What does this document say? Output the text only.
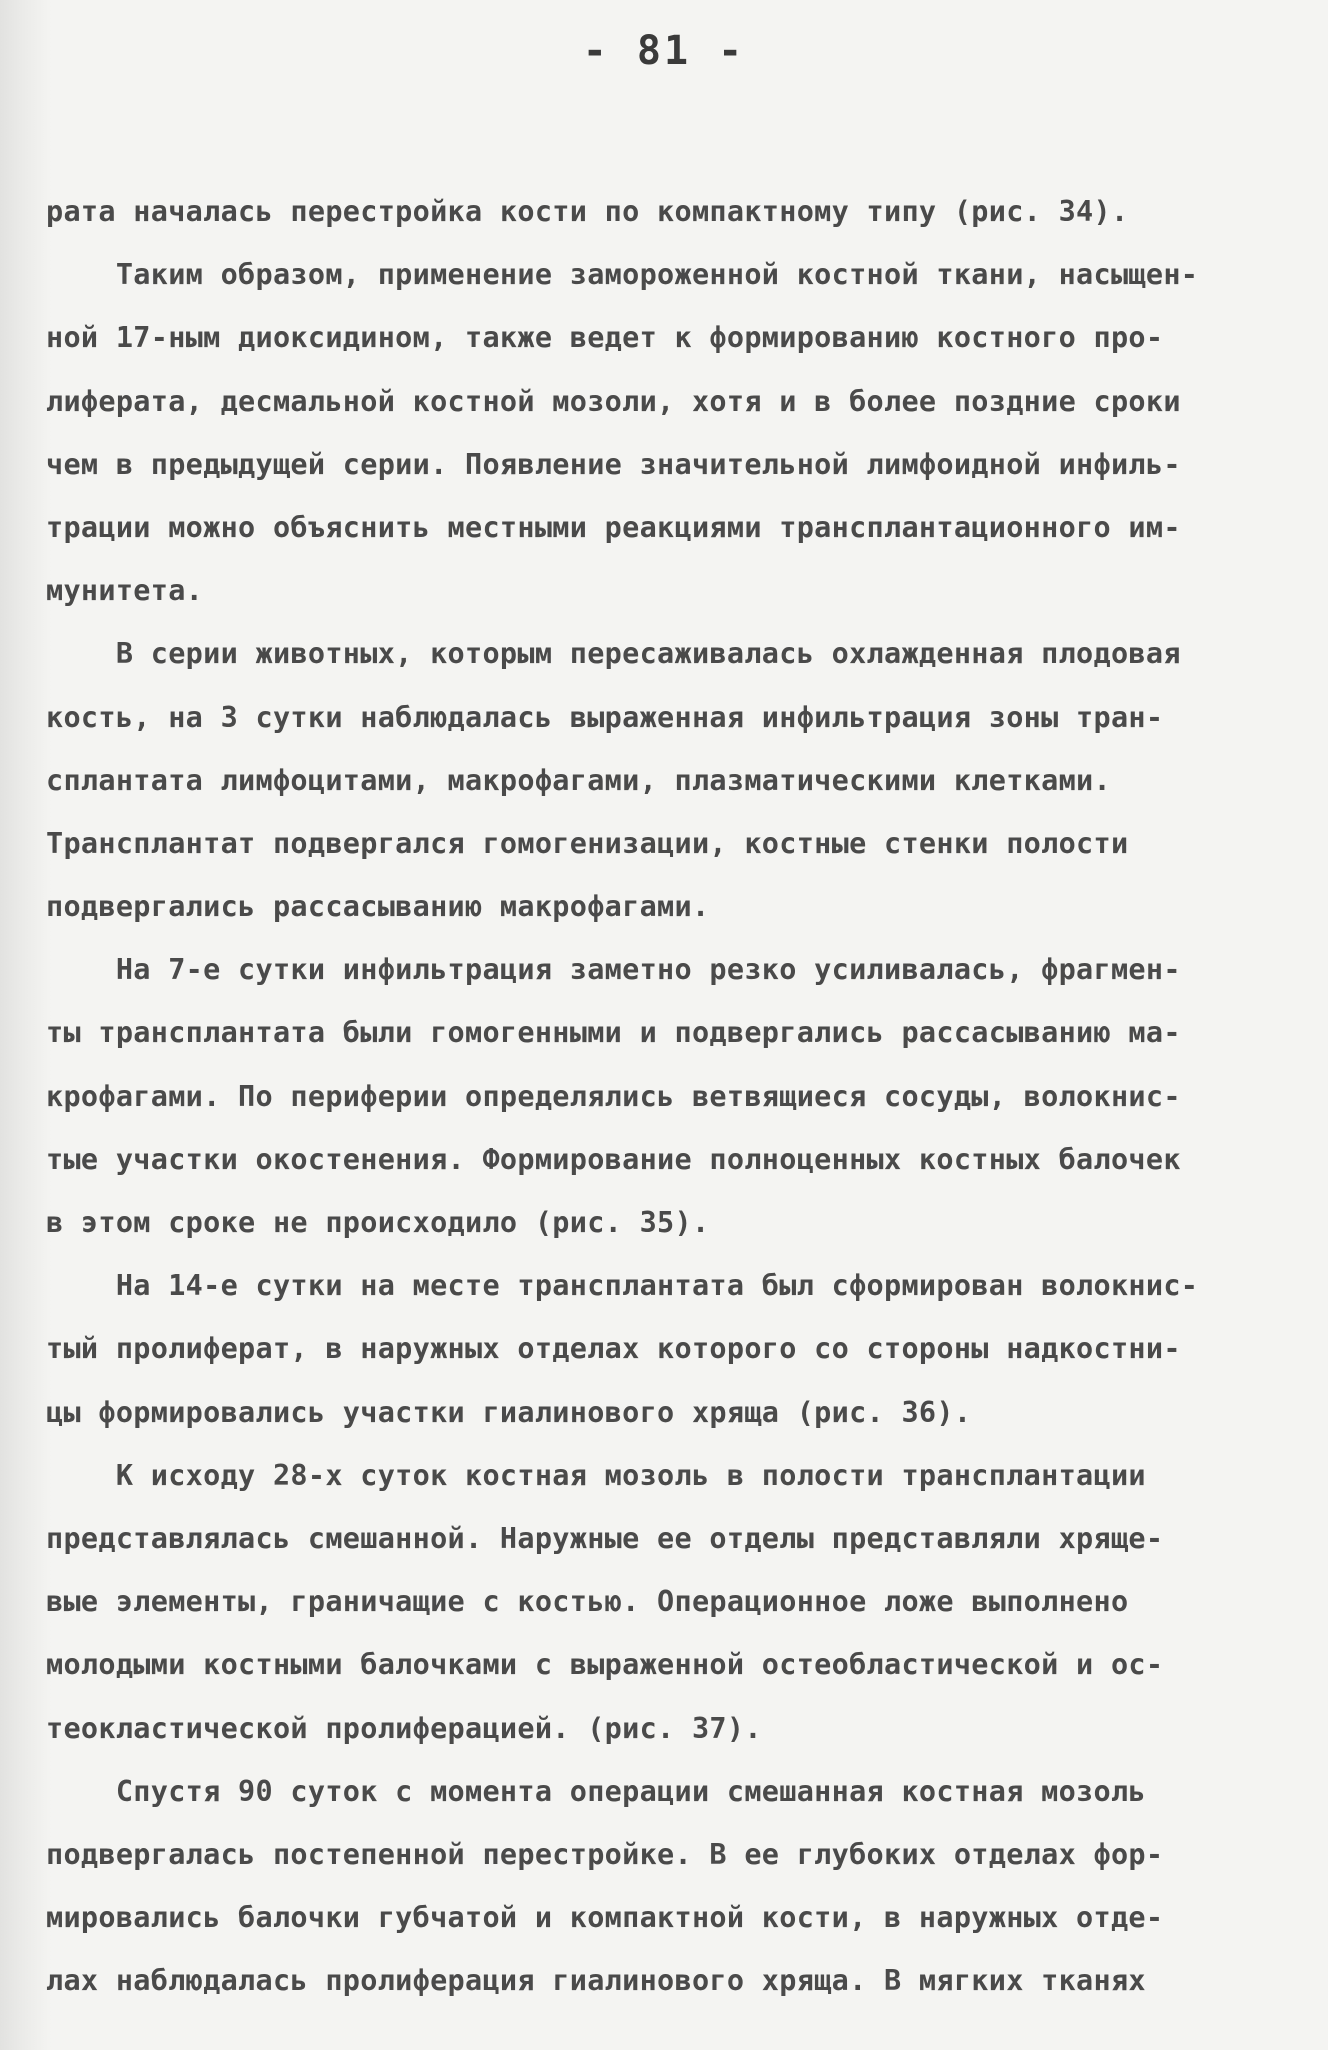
- 81 -
рата началась перестройка кости по компактному типу (рис. 34).
Таким образом, применение замороженной костной ткани, насыщен-
ной 17-ным диоксидином, также ведет к формированию костного про-
лиферата, десмальной костной мозоли, хотя и в более поздние сроки
чем в предыдущей серии. Появление значительной лимфоидной инфиль-
трации можно объяснить местными реакциями трансплантационного им-
мунитета.
В серии животных, которым пересаживалась охлажденная плодовая
кость, на 3 сутки наблюдалась выраженная инфильтрация зоны тран-
сплантата лимфоцитами, макрофагами, плазматическими клетками.
Трансплантат подвергался гомогенизации, костные стенки полости
подвергались рассасыванию макрофагами.
На 7-е сутки инфильтрация заметно резко усиливалась, фрагмен-
ты трансплантата были гомогенными и подвергались рассасыванию ма-
крофагами. По периферии определялись ветвящиеся сосуды, волокнис-
тые участки окостенения. Формирование полноценных костных балочек
в этом сроке не происходило (рис. 35).
На 14-е сутки на месте трансплантата был сформирован волокнис-
тый пролиферат, в наружных отделах которого со стороны надкостни-
цы формировались участки гиалинового хряща (рис. 36).
К исходу 28-х суток костная мозоль в полости трансплантации
представлялась смешанной. Наружные ее отделы представляли хряще-
вые элементы, граничащие с костью. Операционное ложе выполнено
молодыми костными балочками с выраженной остеобластической и ос-
теокластической пролиферацией. (рис. 37).
Спустя 90 суток с момента операции смешанная костная мозоль
подвергалась постепенной перестройке. В ее глубоких отделах фор-
мировались балочки губчатой и компактной кости, в наружных отде-
лах наблюдалась пролиферация гиалинового хряща. В мягких тканях
